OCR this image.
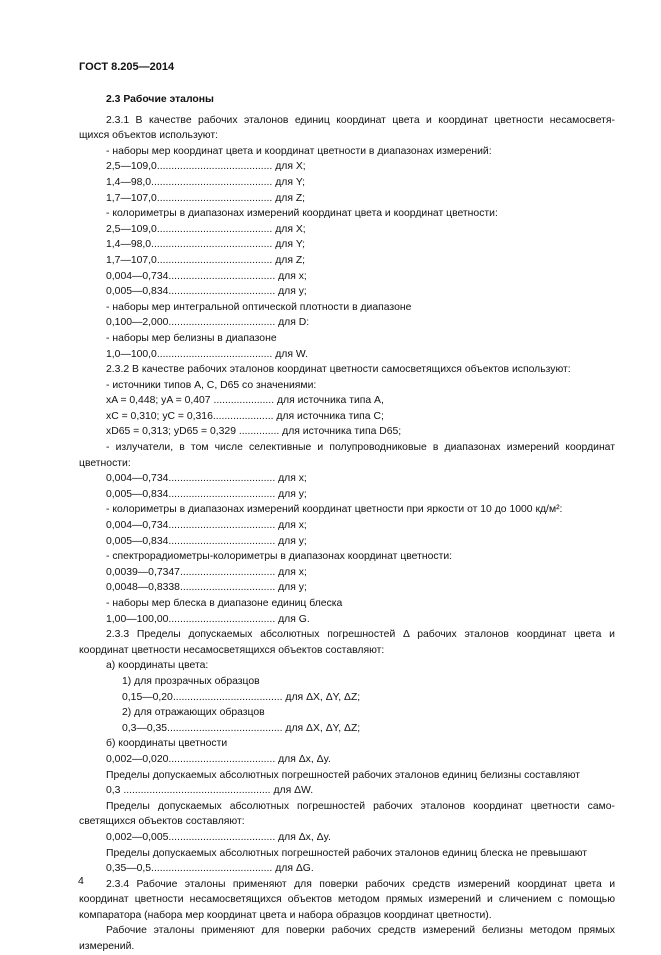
ГОСТ 8.205—2014
2.3 Рабочие эталоны
2.3.1 В качестве рабочих эталонов единиц координат цвета и координат цветности несамосветя-
щихся объектов используют:
- наборы мер координат цвета и координат цветности в диапазонах измерений:
2,5—109,0........................................ для X;
1,4—98,0.......................................... для Y;
1,7—107,0........................................ для Z;
- колориметры в диапазонах измерений координат цвета и координат цветности:
2,5—109,0........................................ для X;
1,4—98,0.......................................... для Y;
1,7—107,0........................................ для Z;
0,004—0,734..................................... для x;
0,005—0,834..................................... для y;
- наборы мер интегральной оптической плотности в диапазоне
0,100—2,000..................................... для D:
- наборы мер белизны в диапазоне
1,0—100,0........................................ для W.
2.3.2 В качестве рабочих эталонов координат цветности самосветящихся объектов используют:
- источники типов A, C, D65 со значениями:
xA = 0,448; yA = 0,407 ..................... для источника типа A,
xC = 0,310; yC = 0,316..................... для источника типа C;
xD65 = 0,313; yD65 = 0,329 .............. для источника типа D65;
- излучатели, в том числе селективные и полупроводниковые в диапазонах измерений координат
цветности:
0,004—0,734..................................... для x;
0,005—0,834..................................... для y;
- колориметры в диапазонах измерений координат цветности при яркости от 10 до 1000 кд/м²:
0,004—0,734..................................... для x;
0,005—0,834..................................... для y;
- спектрорадиометры-колориметры в диапазонах координат цветности:
0,0039—0,7347................................. для x;
0,0048—0,8338................................. для y;
- наборы мер блеска в диапазоне единиц блеска
1,00—100,00..................................... для G.
2.3.3 Пределы допускаемых абсолютных погрешностей Δ рабочих эталонов координат цвета и
координат цветности несамосветящихся объектов составляют:
а) координаты цвета:
1) для прозрачных образцов
0,15—0,20...................................... для ΔX, ΔY, ΔZ;
2) для отражающих образцов
0,3—0,35........................................ для ΔX, ΔY, ΔZ;
б) координаты цветности
0,002—0,020..................................... для Δx, Δy.
Пределы допускаемых абсолютных погрешностей рабочих эталонов единиц белизны составляют
0,3 ................................................... для ΔW.
Пределы допускаемых абсолютных погрешностей рабочих эталонов координат цветности само-
светящихся объектов составляют:
0,002—0,005..................................... для Δx, Δy.
Пределы допускаемых абсолютных погрешностей рабочих эталонов единиц блеска не превышают
0,35—0,5.......................................... для ΔG.
2.3.4 Рабочие эталоны применяют для поверки рабочих средств измерений координат цвета и
координат цветности несамосветящихся объектов методом прямых измерений и сличением с помощью
компаратора (набора мер координат цвета и набора образцов координат цветности).
Рабочие эталоны применяют для поверки рабочих средств измерений белизны методом прямых
измерений.
4
